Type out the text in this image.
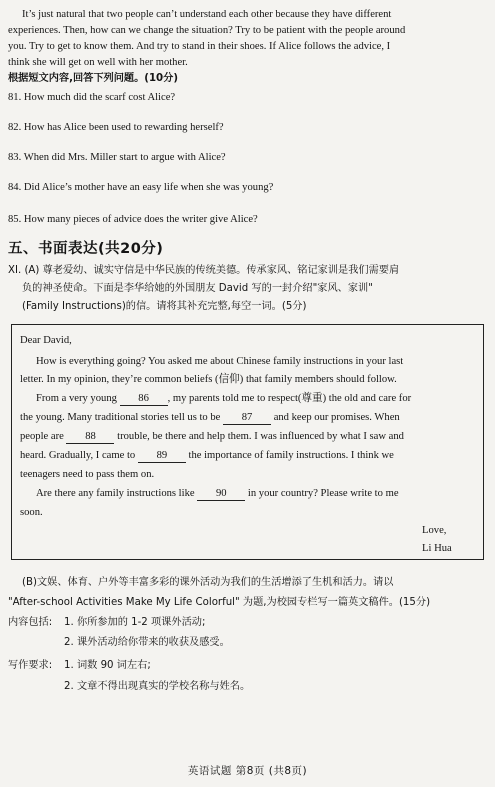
It’s just natural that two people can’t understand each other because they have different
experiences. Then, how can we change the situation? Try to be patient with the people around
you. Try to get to know them. And try to stand in their shoes. If Alice follows the advice, I
think she will get on well with her mother.
根据短文内容,回答下列问题。(10分)
81. How much did the scarf cost Alice?
82. How has Alice been used to rewarding herself?
83. When did Mrs. Miller start to argue with Alice?
84. Did Alice’s mother have an easy life when she was young?
85. How many pieces of advice does the writer give Alice?
五、书面表达(共20分)
XI. (A) 尊老爱幼、诚实守信是中华民族的传统美德。传承家风、铭记家训是我们需要肩
负的神圣使命。下面是李华给她的外国朋友 David 写的一封介绍"家风、家训"
(Family Instructions)的信。请将其补充完整,每空一词。(5分)
Dear David,
How is everything going? You asked me about Chinese family instructions in your last
letter. In my opinion, they’re common beliefs (信仰) that family members should follow.
From a very young 86 , my parents told me to respect(尊重) the old and care for
the young. Many traditional stories tell us to be 87 and keep our promises. When
people are 88 trouble, be there and help them. I was influenced by what I saw and
heard. Gradually, I came to 89 the importance of family instructions. I think we
teenagers need to pass them on.
Are there any family instructions like 90 in your country? Please write to me
soon.
Love,
Li Hua
(B)文娱、体育、户外等丰富多彩的课外活动为我们的生活增添了生机和活力。请以
"After-school Activities Make My Life Colorful" 为题,为校园专栏写一篇英文稿件。(15分)
内容包括:	1. 你所参加的 1-2 项课外活动;
2. 课外活动给你带来的收获及感受。
写作要求:	1. 词数 90 词左右;
2. 文章不得出现真实的学校名称与姓名。
英语试题 第8页 (共8页)
